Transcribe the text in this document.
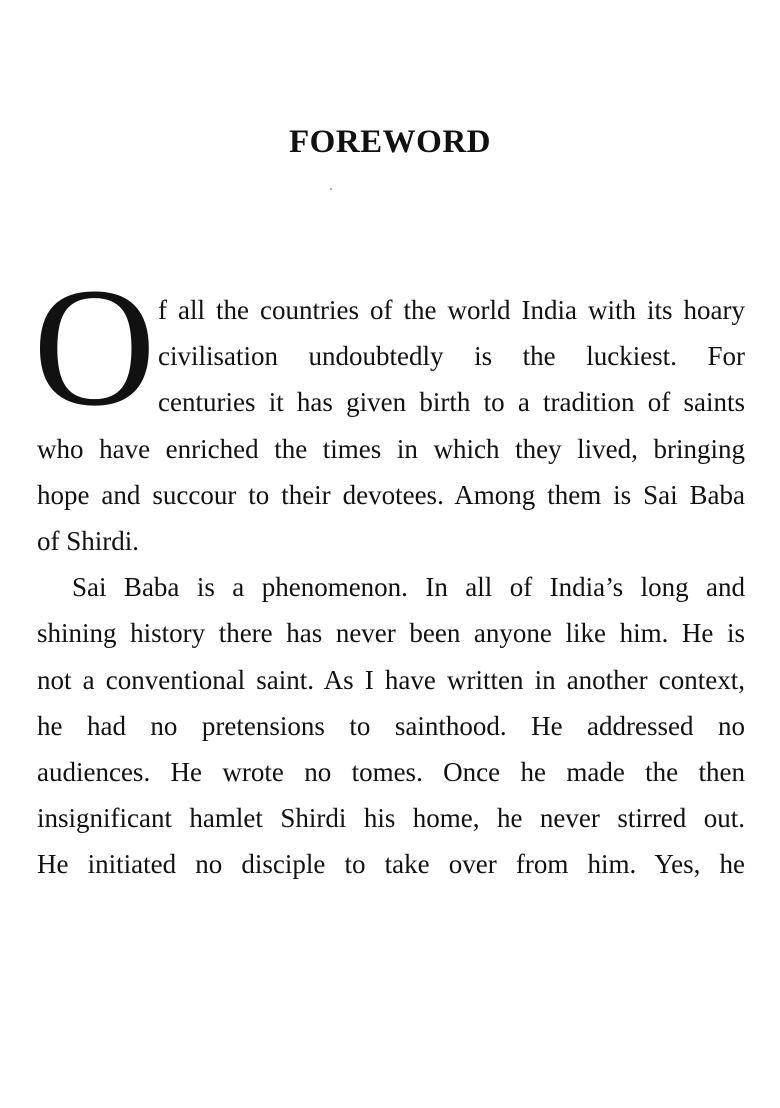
FOREWORD
O f all the countries of the world India with its hoary
civilisation undoubtedly is the luckiest. For
centuries it has given birth to a tradition of saints
who have enriched the times in which they lived, bringing
hope and succour to their devotees. Among them is Sai Baba
of Shirdi.
Sai Baba is a phenomenon. In all of India’s long and
shining history there has never been anyone like him. He is
not a conventional saint. As I have written in another context,
he had no pretensions to sainthood. He addressed no
audiences. He wrote no tomes. Once he made the then
insignificant hamlet Shirdi his home, he never stirred out.
He initiated no disciple to take over from him. Yes, he
